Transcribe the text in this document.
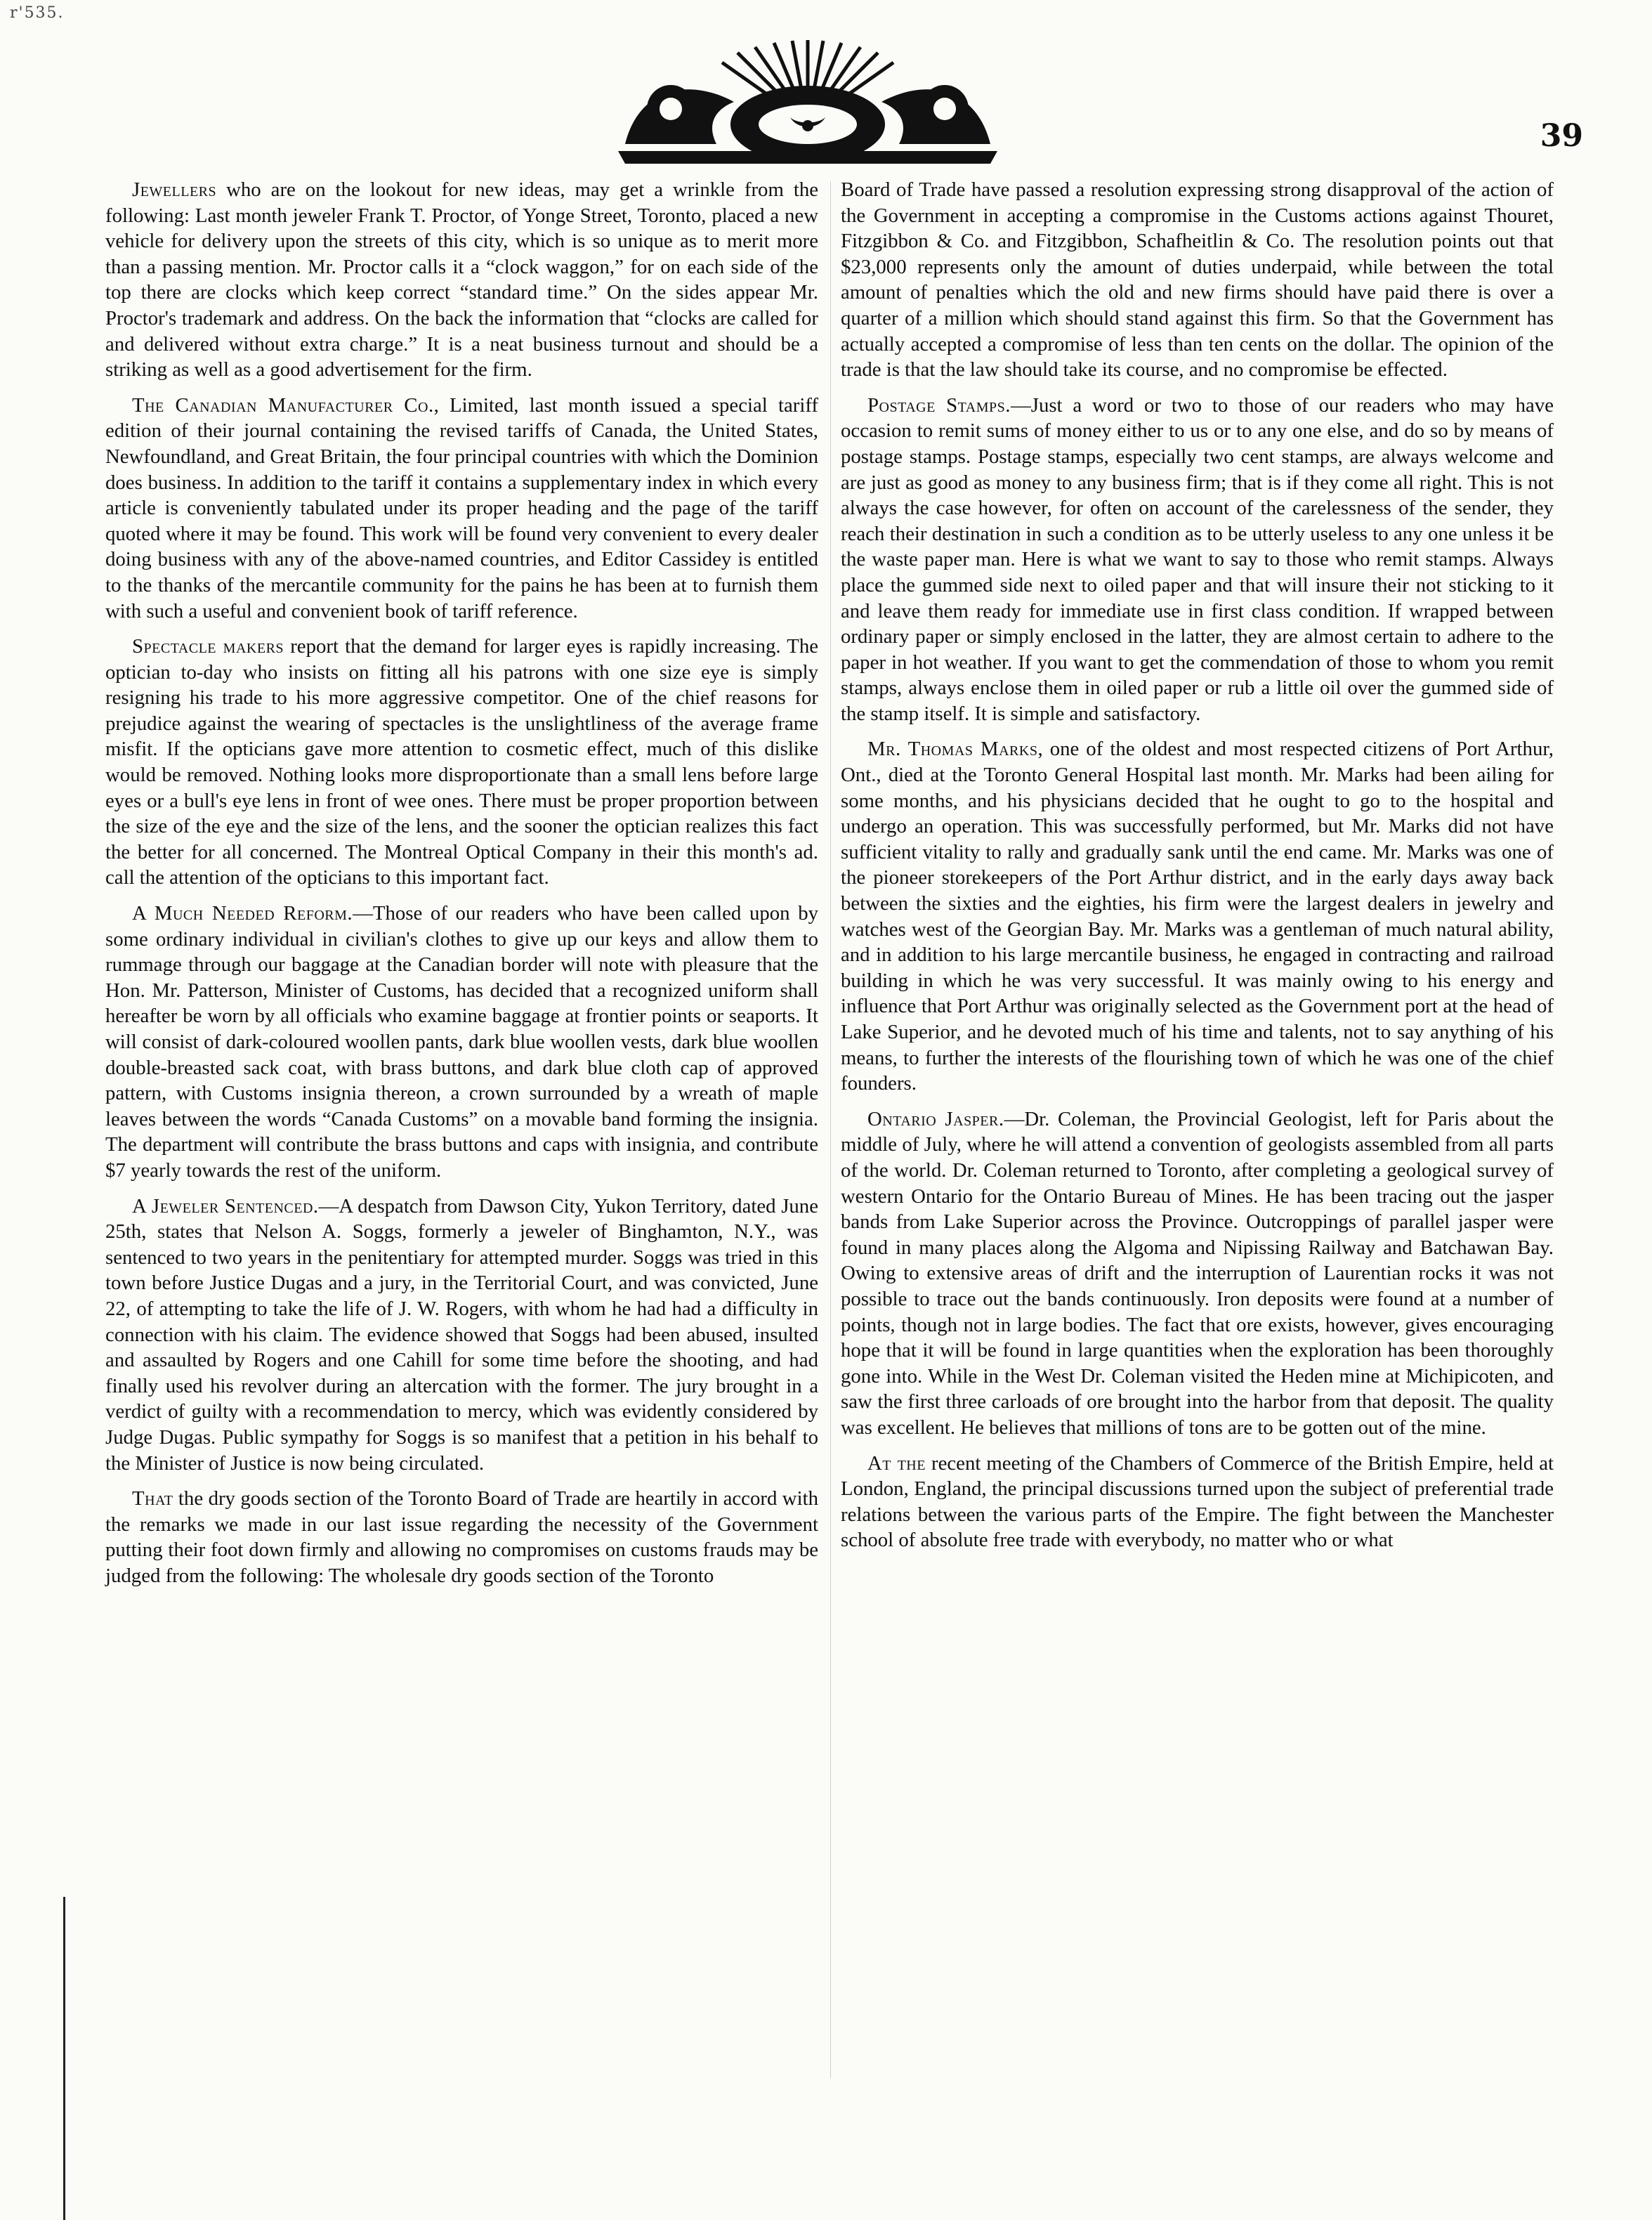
r'535.
39

Jewellers who are on the lookout for new ideas, may get a wrinkle from the following: Last month jeweler Frank T. Proctor, of Yonge Street, Toronto, placed a new vehicle for delivery upon the streets of this city, which is so unique as to merit more than a passing mention. Mr. Proctor calls it a “clock waggon,” for on each side of the top there are clocks which keep correct “standard time.” On the sides appear Mr. Proctor's trademark and address. On the back the information that “clocks are called for and delivered without extra charge.” It is a neat business turnout and should be a striking as well as a good advertisement for the firm.

The Canadian Manufacturer Co., Limited, last month issued a special tariff edition of their journal containing the revised tariffs of Canada, the United States, Newfoundland, and Great Britain, the four principal countries with which the Dominion does business. In addition to the tariff it contains a supplementary index in which every article is conveniently tabulated under its proper heading and the page of the tariff quoted where it may be found. This work will be found very convenient to every dealer doing business with any of the above-named countries, and Editor Cassidey is entitled to the thanks of the mercantile community for the pains he has been at to furnish them with such a useful and convenient book of tariff reference.

Spectacle makers report that the demand for larger eyes is rapidly increasing. The optician to-day who insists on fitting all his patrons with one size eye is simply resigning his trade to his more aggressive competitor. One of the chief reasons for prejudice against the wearing of spectacles is the unslightliness of the average frame misfit. If the opticians gave more attention to cosmetic effect, much of this dislike would be removed. Nothing looks more disproportionate than a small lens before large eyes or a bull's eye lens in front of wee ones. There must be proper proportion between the size of the eye and the size of the lens, and the sooner the optician realizes this fact the better for all concerned. The Montreal Optical Company in their this month's ad. call the attention of the opticians to this important fact.

A Much Needed Reform.—Those of our readers who have been called upon by some ordinary individual in civilian's clothes to give up our keys and allow them to rummage through our baggage at the Canadian border will note with pleasure that the Hon. Mr. Patterson, Minister of Customs, has decided that a recognized uniform shall hereafter be worn by all officials who examine baggage at frontier points or seaports. It will consist of dark-coloured woollen pants, dark blue woollen vests, dark blue woollen double-breasted sack coat, with brass buttons, and dark blue cloth cap of approved pattern, with Customs insignia thereon, a crown surrounded by a wreath of maple leaves between the words “Canada Customs” on a movable band forming the insignia. The department will contribute the brass buttons and caps with insignia, and contribute $7 yearly towards the rest of the uniform.

A Jeweler Sentenced.—A despatch from Dawson City, Yukon Territory, dated June 25th, states that Nelson A. Soggs, formerly a jeweler of Binghamton, N.Y., was sentenced to two years in the penitentiary for attempted murder. Soggs was tried in this town before Justice Dugas and a jury, in the Territorial Court, and was convicted, June 22, of attempting to take the life of J. W. Rogers, with whom he had had a difficulty in connection with his claim. The evidence showed that Soggs had been abused, insulted and assaulted by Rogers and one Cahill for some time before the shooting, and had finally used his revolver during an altercation with the former. The jury brought in a verdict of guilty with a recommendation to mercy, which was evidently considered by Judge Dugas. Public sympathy for Soggs is so manifest that a petition in his behalf to the Minister of Justice is now being circulated.

That the dry goods section of the Toronto Board of Trade are heartily in accord with the remarks we made in our last issue regarding the necessity of the Government putting their foot down firmly and allowing no compromises on customs frauds may be judged from the following: The wholesale dry goods section of the Toronto

Board of Trade have passed a resolution expressing strong disapproval of the action of the Government in accepting a compromise in the Customs actions against Thouret, Fitzgibbon & Co. and Fitzgibbon, Schafheitlin & Co. The resolution points out that $23,000 represents only the amount of duties underpaid, while between the total amount of penalties which the old and new firms should have paid there is over a quarter of a million which should stand against this firm. So that the Government has actually accepted a compromise of less than ten cents on the dollar. The opinion of the trade is that the law should take its course, and no compromise be effected.

Postage Stamps.—Just a word or two to those of our readers who may have occasion to remit sums of money either to us or to any one else, and do so by means of postage stamps. Postage stamps, especially two cent stamps, are always welcome and are just as good as money to any business firm; that is if they come all right. This is not always the case however, for often on account of the carelessness of the sender, they reach their destination in such a condition as to be utterly useless to any one unless it be the waste paper man. Here is what we want to say to those who remit stamps. Always place the gummed side next to oiled paper and that will insure their not sticking to it and leave them ready for immediate use in first class condition. If wrapped between ordinary paper or simply enclosed in the latter, they are almost certain to adhere to the paper in hot weather. If you want to get the commendation of those to whom you remit stamps, always enclose them in oiled paper or rub a little oil over the gummed side of the stamp itself. It is simple and satisfactory.

Mr. Thomas Marks, one of the oldest and most respected citizens of Port Arthur, Ont., died at the Toronto General Hospital last month. Mr. Marks had been ailing for some months, and his physicians decided that he ought to go to the hospital and undergo an operation. This was successfully performed, but Mr. Marks did not have sufficient vitality to rally and gradually sank until the end came. Mr. Marks was one of the pioneer storekeepers of the Port Arthur district, and in the early days away back between the sixties and the eighties, his firm were the largest dealers in jewelry and watches west of the Georgian Bay. Mr. Marks was a gentleman of much natural ability, and in addition to his large mercantile business, he engaged in contracting and railroad building in which he was very successful. It was mainly owing to his energy and influence that Port Arthur was originally selected as the Government port at the head of Lake Superior, and he devoted much of his time and talents, not to say anything of his means, to further the interests of the flourishing town of which he was one of the chief founders.

Ontario Jasper.—Dr. Coleman, the Provincial Geologist, left for Paris about the middle of July, where he will attend a convention of geologists assembled from all parts of the world. Dr. Coleman returned to Toronto, after completing a geological survey of western Ontario for the Ontario Bureau of Mines. He has been tracing out the jasper bands from Lake Superior across the Province. Outcroppings of parallel jasper were found in many places along the Algoma and Nipissing Railway and Batchawan Bay. Owing to extensive areas of drift and the interruption of Laurentian rocks it was not possible to trace out the bands continuously. Iron deposits were found at a number of points, though not in large bodies. The fact that ore exists, however, gives encouraging hope that it will be found in large quantities when the exploration has been thoroughly gone into. While in the West Dr. Coleman visited the Heden mine at Michipicoten, and saw the first three carloads of ore brought into the harbor from that deposit. The quality was excellent. He believes that millions of tons are to be gotten out of the mine.

At the recent meeting of the Chambers of Commerce of the British Empire, held at London, England, the principal discussions turned upon the subject of preferential trade relations between the various parts of the Empire. The fight between the Manchester school of absolute free trade with everybody, no matter who or what
